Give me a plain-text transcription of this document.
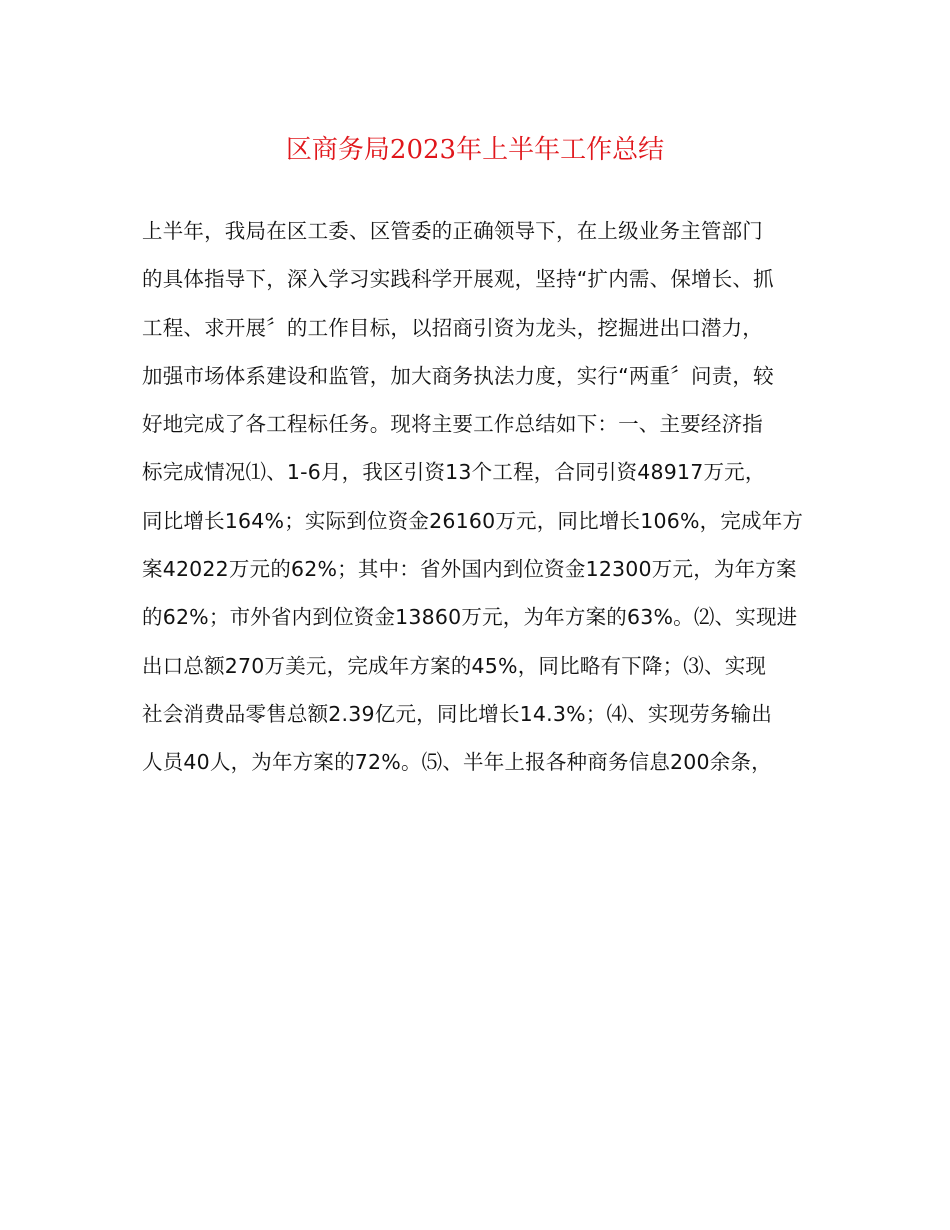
区商务局2023年上半年工作总结
上半年，我局在区工委、区管委的正确领导下，在上级业务主管部门
的具体指导下，深入学习实践科学开展观，坚持“扩内需、保增长、抓
工程、求开展〞的工作目标，以招商引资为龙头，挖掘进出口潜力，
加强市场体系建设和监管，加大商务执法力度，实行“两重〞问责，较
好地完成了各工程标任务。现将主要工作总结如下：一、主要经济指
标完成情况⑴、1-6月，我区引资13个工程，合同引资48917万元，
同比增长164%；实际到位资金26160万元，同比增长106%，完成年方
案42022万元的62%；其中：省外国内到位资金12300万元，为年方案
的62%；市外省内到位资金13860万元，为年方案的63%。⑵、实现进
出口总额270万美元，完成年方案的45%，同比略有下降；⑶、实现
社会消费品零售总额2.39亿元，同比增长14.3%；⑷、实现劳务输出
人员40人，为年方案的72%。⑸、半年上报各种商务信息200余条，
